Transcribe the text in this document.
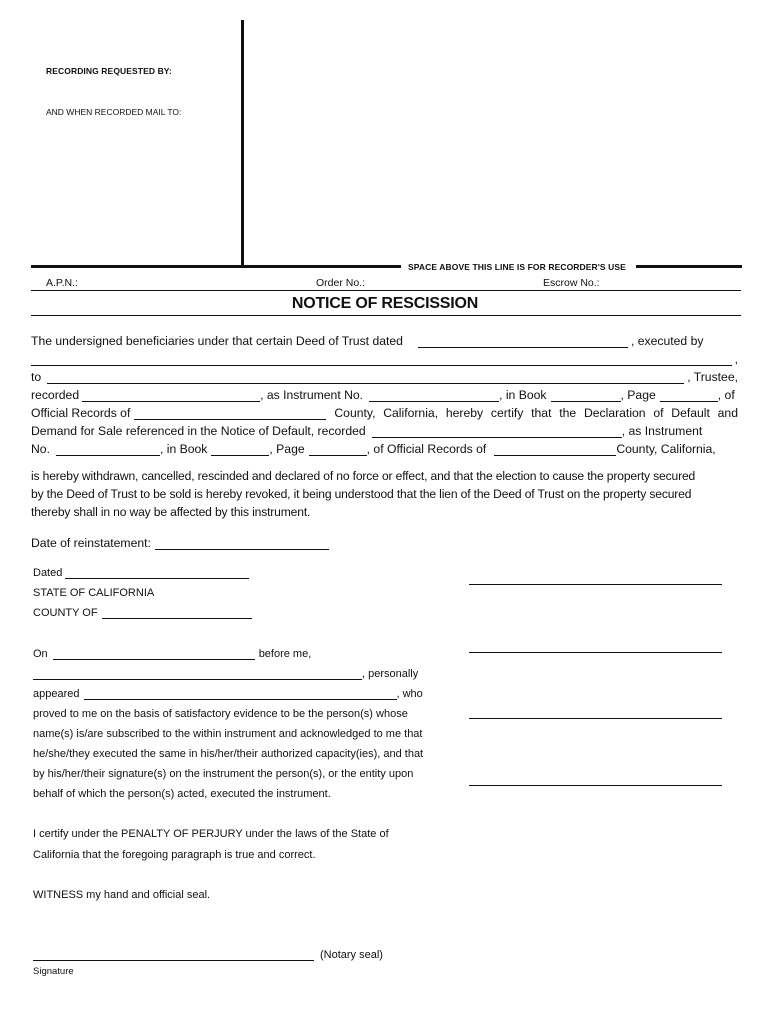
RECORDING REQUESTED BY:
AND WHEN RECORDED MAIL TO:
SPACE ABOVE THIS LINE IS FOR RECORDER'S USE
A.P.N.:	Order No.:	Escrow No.:
NOTICE OF RESCISSION
The undersigned beneficiaries under that certain Deed of Trust dated	, executed by
,
to	, Trustee,
recorded	, as Instrument No.	, in Book	, Page	, of
Official Records of	County, California, hereby certify that the Declaration of Default and
Demand for Sale referenced in the Notice of Default, recorded	, as Instrument
No.	, in Book	, Page	, of Official Records of	County, California,
is hereby withdrawn, cancelled, rescinded and declared of no force or effect, and that the election to cause the property secured
by the Deed of Trust to be sold is hereby revoked, it being understood that the lien of the Deed of Trust on the property secured
thereby shall in no way be affected by this instrument.
Date of reinstatement:
Dated
STATE OF CALIFORNIA
COUNTY OF
On	before me,
, personally
appeared	, who
proved to me on the basis of satisfactory evidence to be the person(s) whose
name(s) is/are subscribed to the within instrument and acknowledged to me that
he/she/they executed the same in his/her/their authorized capacity(ies), and that
by his/her/their signature(s) on the instrument the person(s), or the entity upon
behalf of which the person(s) acted, executed the instrument.
I certify under the PENALTY OF PERJURY under the laws of the State of
California that the foregoing paragraph is true and correct.
WITNESS my hand and official seal.
(Notary seal)
Signature
